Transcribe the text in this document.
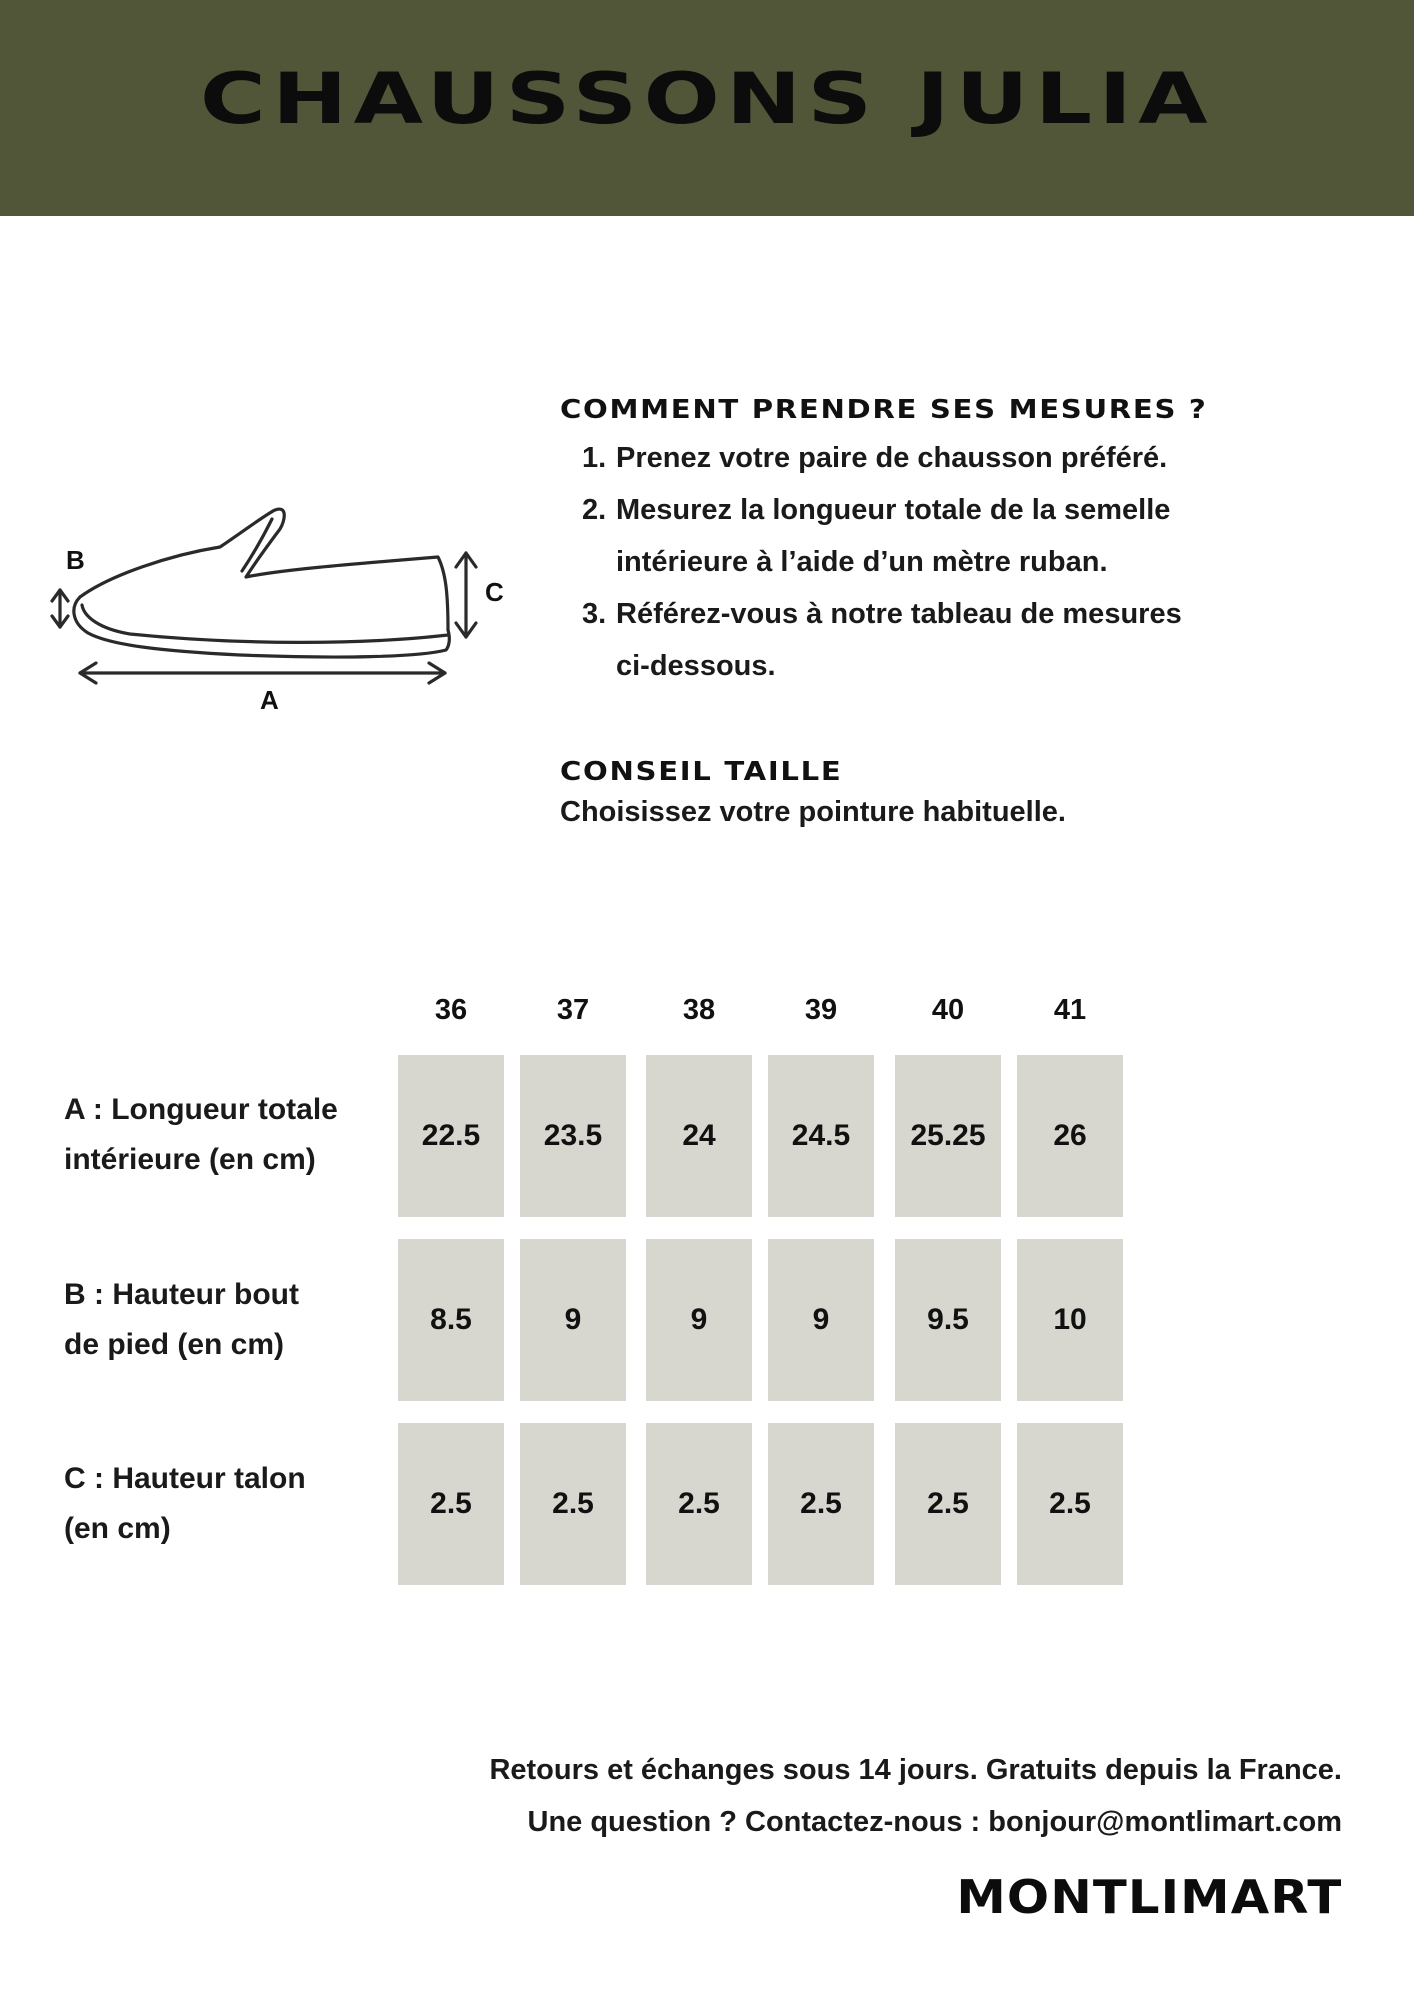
CHAUSSONS JULIA
B
C
A
COMMENT PRENDRE SES MESURES ?
1. Prenez votre paire de chausson préféré.
2. Mesurez la longueur totale de la semelle
intérieure à l’aide d’un mètre ruban.
3. Référez-vous à notre tableau de mesures
ci-dessous.
CONSEIL TAILLE

Choisissez votre pointure habituelle.

36	37	38	39	40	41

A : Longueur totale
intérieure (en cm)

22.5	23.5	24	24.5	25.25	26

B : Hauteur bout
de pied (en cm)

8.5	9	9	9	9.5	10

C : Hauteur talon
(en cm)

2.5	2.5	2.5	2.5	2.5	2.5

Retours et échanges sous 14 jours. Gratuits depuis la France.

Une question ? Contactez-nous : bonjour@montlimart.com

MONTLIMART
